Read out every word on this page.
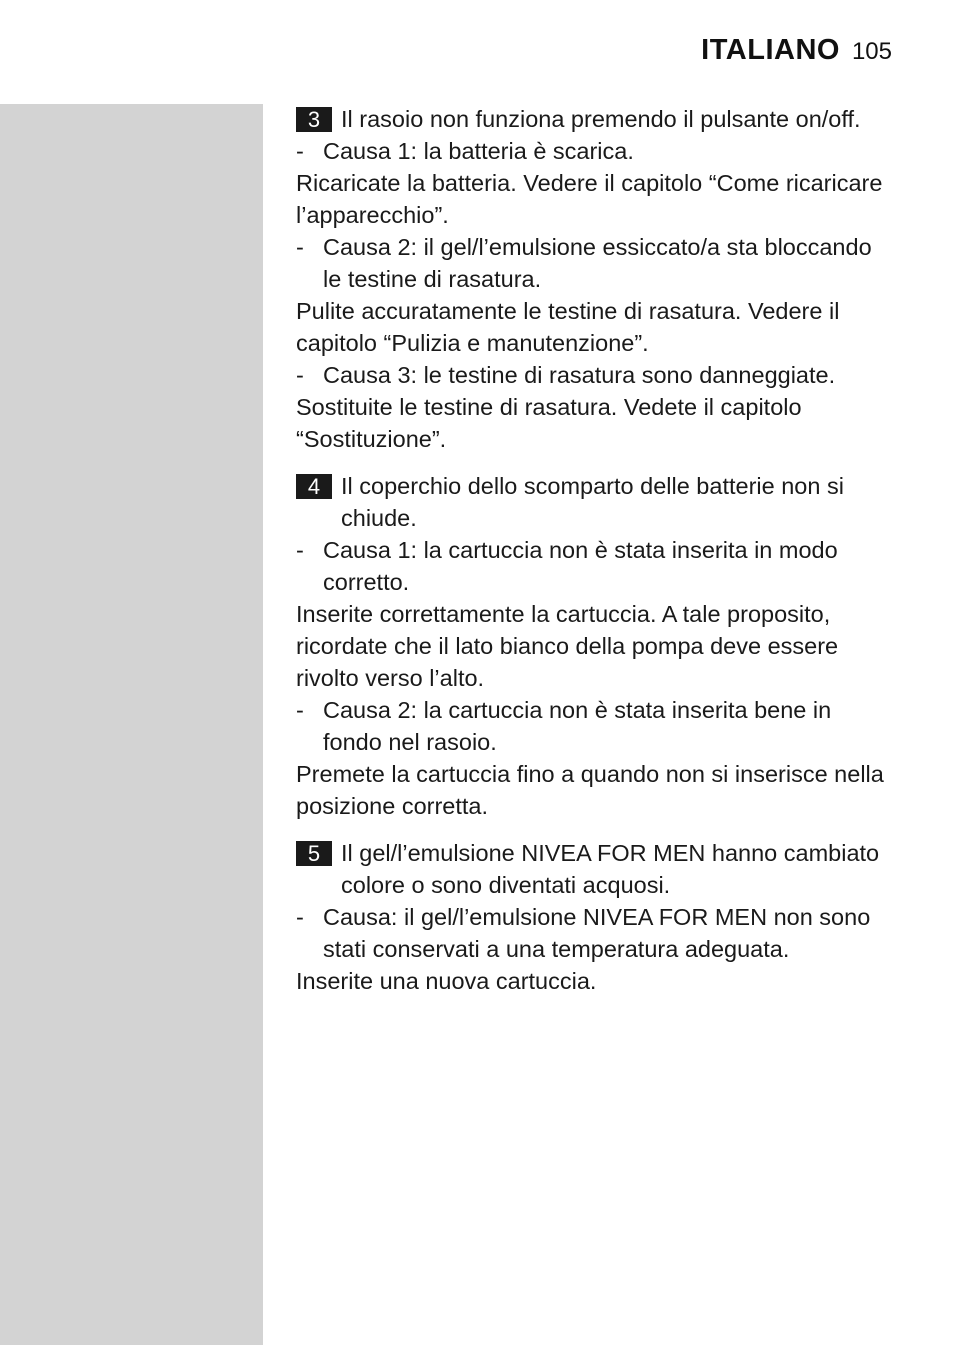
ITALIANO 105
3 Il rasoio non funziona premendo il pulsante on/off.
- Causa 1: la batteria è scarica.
Ricaricate la batteria. Vedere il capitolo “Come ricaricare l’apparecchio”.
- Causa 2: il gel/l’emulsione essiccato/a sta bloccando le testine di rasatura.
Pulite accuratamente le testine di rasatura. Vedere il capitolo “Pulizia e manutenzione”.
- Causa 3: le testine di rasatura sono danneggiate.
Sostituite le testine di rasatura. Vedete il capitolo “Sostituzione”.
4 Il coperchio dello scomparto delle batterie non si chiude.
- Causa 1: la cartuccia non è stata inserita in modo corretto.
Inserite correttamente la cartuccia. A tale proposito, ricordate che il lato bianco della pompa deve essere rivolto verso l’alto.
- Causa 2: la cartuccia non è stata inserita bene in fondo nel rasoio.
Premete la cartuccia fino a quando non si inserisce nella posizione corretta.
5 Il gel/l’emulsione NIVEA FOR MEN hanno cambiato colore o sono diventati acquosi.
- Causa: il gel/l’emulsione NIVEA FOR MEN non sono stati conservati a una temperatura adeguata.
Inserite una nuova cartuccia.
